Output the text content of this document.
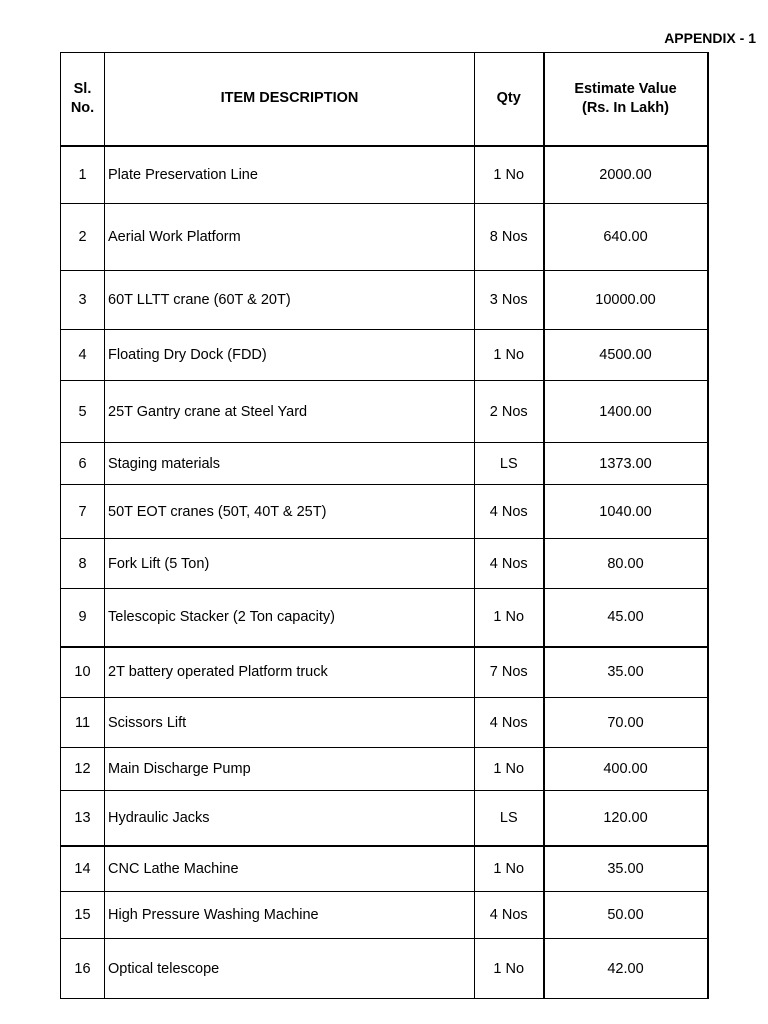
APPENDIX - 1
Sl.
No.	ITEM DESCRIPTION	Qty	Estimate Value
(Rs. In Lakh)
1	Plate Preservation Line	1 No	2000.00
2	Aerial Work Platform	8 Nos	640.00
3	60T LLTT crane (60T & 20T)	3 Nos	10000.00
4	Floating Dry Dock (FDD)	1 No	4500.00
5	25T Gantry crane at Steel Yard	2 Nos	1400.00
6	Staging materials	LS	1373.00
7	50T EOT cranes (50T, 40T & 25T)	4 Nos	1040.00
8	Fork Lift (5 Ton)	4 Nos	80.00
9	Telescopic Stacker (2 Ton capacity)	1 No	45.00
10	2T battery operated Platform truck	7 Nos	35.00
11	Scissors Lift	4 Nos	70.00
12	Main Discharge Pump	1 No	400.00
13	Hydraulic Jacks	LS	120.00
14	CNC Lathe Machine	1 No	35.00
15	High Pressure Washing Machine	4 Nos	50.00
16	Optical telescope	1 No	42.00
